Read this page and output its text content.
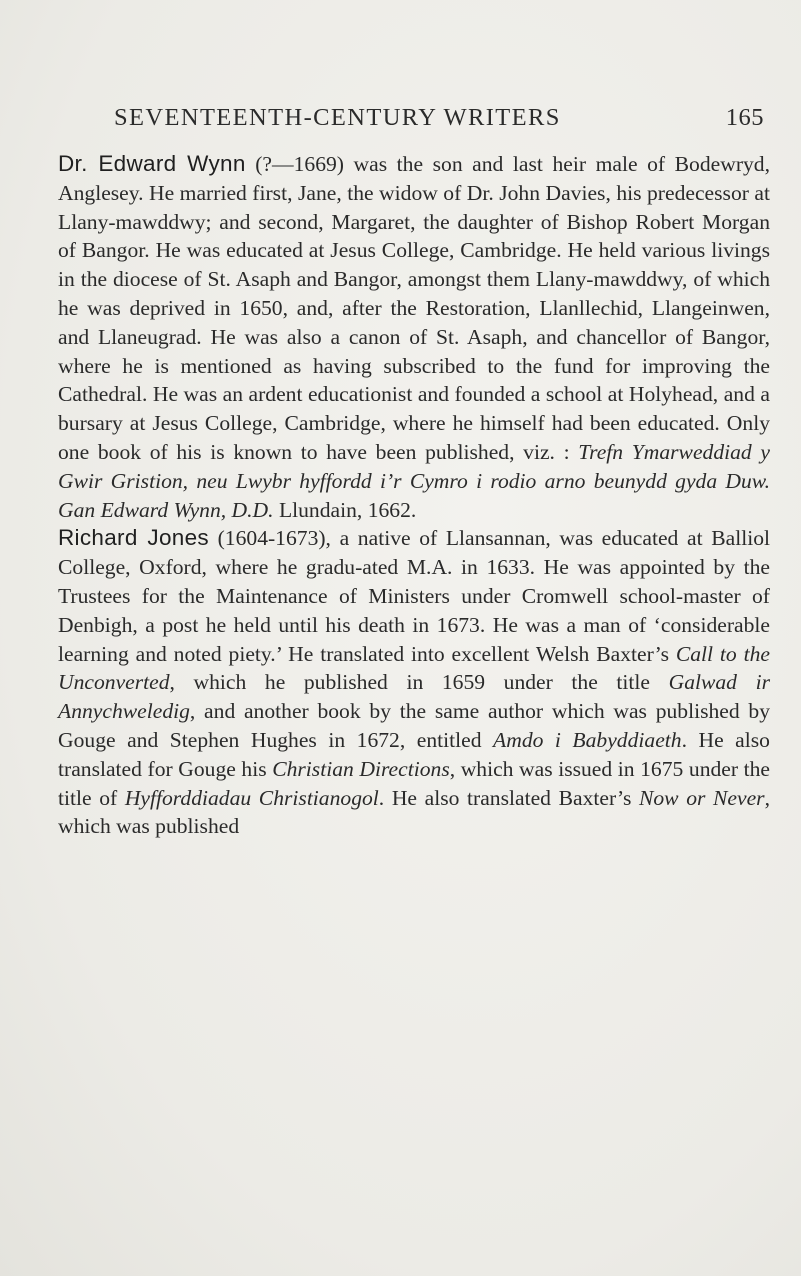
SEVENTEENTH-CENTURY WRITERS	165

Dr. Edward Wynn (?—1669) was the son and last heir male of Bodewryd, Anglesey. He married first, Jane, the widow of Dr. John Davies, his predecessor at Llany-mawddwy; and second, Margaret, the daughter of Bishop Robert Morgan of Bangor. He was educated at Jesus College, Cambridge. He held various livings in the diocese of St. Asaph and Bangor, amongst them Llany-mawddwy, of which he was deprived in 1650, and, after the Restoration, Llanllechid, Llangeinwen, and Llaneugrad. He was also a canon of St. Asaph, and chancellor of Bangor, where he is mentioned as having subscribed to the fund for improving the Cathedral. He was an ardent educationist and founded a school at Holyhead, and a bursary at Jesus College, Cambridge, where he himself had been educated. Only one book of his is known to have been published, viz. : Trefn Ymarweddiad y Gwir Gristion, neu Lwybr hyffordd i’r Cymro i rodio arno beunydd gyda Duw. Gan Edward Wynn, D.D. Llundain, 1662.

Richard Jones (1604-1673), a native of Llansannan, was educated at Balliol College, Oxford, where he gradu-ated M.A. in 1633. He was appointed by the Trustees for the Maintenance of Ministers under Cromwell school-master of Denbigh, a post he held until his death in 1673. He was a man of ‘considerable learning and noted piety.’ He translated into excellent Welsh Baxter’s Call to the Unconverted, which he published in 1659 under the title Galwad ir Annychweledig, and another book by the same author which was published by Gouge and Stephen Hughes in 1672, entitled Amdo i Babyddiaeth. He also translated for Gouge his Christian Directions, which was issued in 1675 under the title of Hyfforddiadau Christianogol. He also translated Baxter’s Now or Never, which was published
